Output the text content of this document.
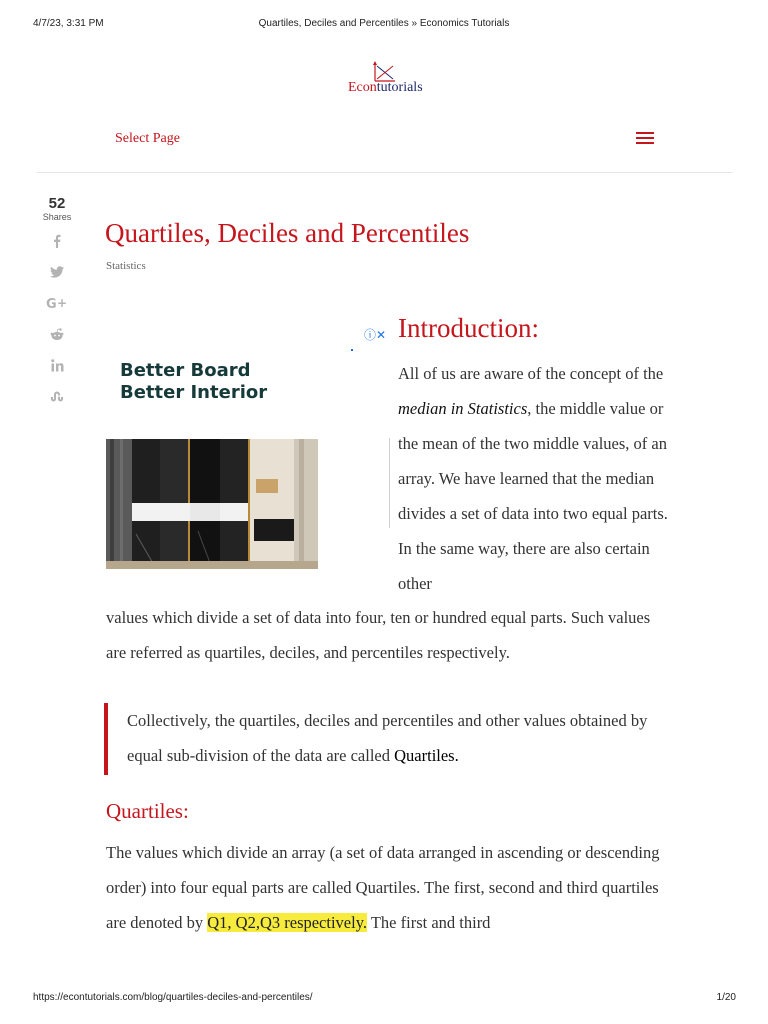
4/7/23, 3:31 PM	Quartiles, Deciles and Percentiles » Economics Tutorials
Econtutorials
Select Page
52
Shares
G +
Quartiles, Deciles and Percentiles
Statistics
ⓘ✕
Better Board
Better Interior
Introduction:

All of us are aware of the concept of the median in Statistics, the middle value or the mean of the two middle values, of an array. We have learned that the median divides a set of data into two equal parts. In the same way, there are also certain other

values which divide a set of data into four, ten or hundred equal parts. Such values are referred as quartiles, deciles, and percentiles respectively.

Collectively, the quartiles, deciles and percentiles and other values obtained by equal sub-division of the data are called Quartiles.

Quartiles:

The values which divide an array (a set of data arranged in ascending or descending order) into four equal parts are called Quartiles. The first, second and third quartiles are denoted by Q1, Q2,Q3 respectively. The first and third

https://econtutorials.com/blog/quartiles-deciles-and-percentiles/	1/20
